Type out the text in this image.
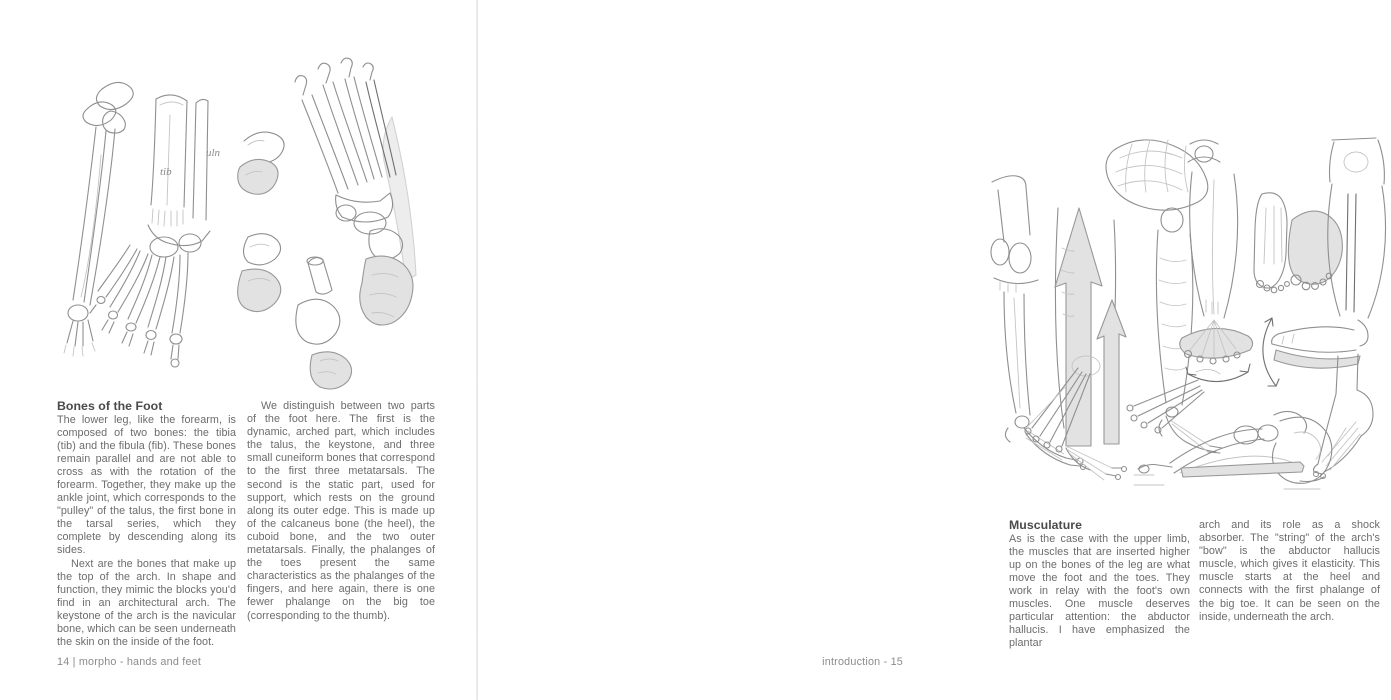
tib
uln
Bones of the Foot

The lower leg, like the forearm, is composed of two bones: the tibia (tib) and the fibula (fib). These bones remain parallel and are not able to cross as with the rotation of the forearm. Together, they make up the ankle joint, which corresponds to the "pulley" of the talus, the first bone in the tarsal series, which they complete by descending along its sides.

Next are the bones that make up the top of the arch. In shape and function, they mimic the blocks you'd find in an architectural arch. The keystone of the arch is the navicular bone, which can be seen underneath the skin on the inside of the foot.

We distinguish between two parts of the foot here. The first is the dynamic, arched part, which includes the talus, the keystone, and three small cuneiform bones that correspond to the first three metatarsals. The second is the static part, used for support, which rests on the ground along its outer edge. This is made up of the calcaneus bone (the heel), the cuboid bone, and the two outer metatarsals. Finally, the phalanges of the toes present the same characteristics as the phalanges of the fingers, and here again, there is one fewer phalange on the big toe (corresponding to the thumb).

14 | morpho - hands and feet
Musculature

As is the case with the upper limb, the muscles that are inserted higher up on the bones of the leg are what move the foot and the toes. They work in relay with the foot's own muscles. One muscle deserves particular attention: the abductor hallucis. I have emphasized the plantar

arch and its role as a shock absorber. The "string" of the arch's "bow" is the abductor hallucis muscle, which gives it elasticity. This muscle starts at the heel and connects with the first phalange of the big toe. It can be seen on the inside, underneath the arch.

introduction - 15
